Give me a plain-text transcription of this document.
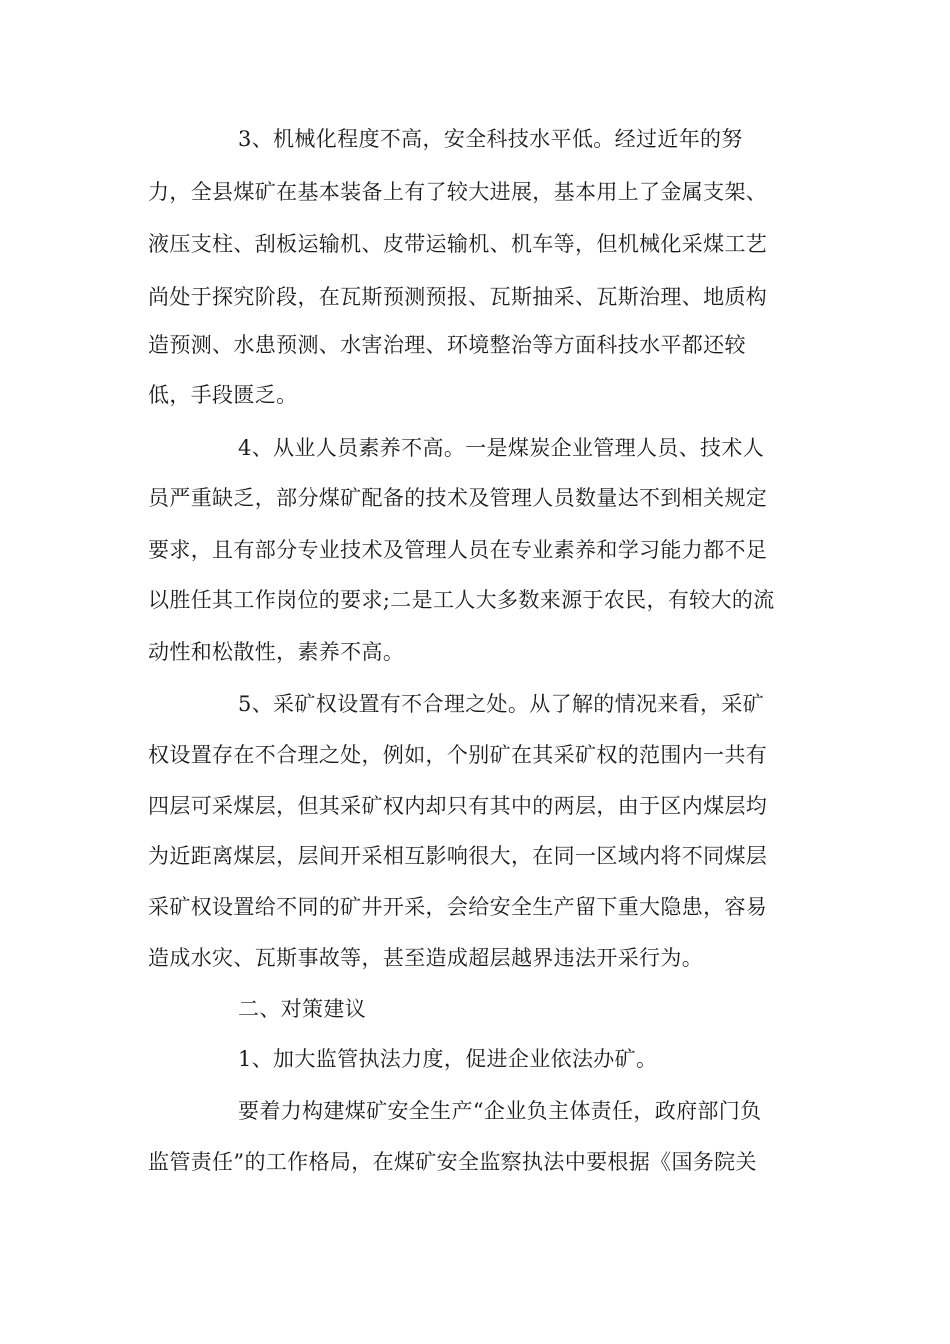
3、机械化程度不高，安全科技水平低。经过近年的努
力，全县煤矿在基本装备上有了较大进展，基本用上了金属支架、
液压支柱、刮板运输机、皮带运输机、机车等，但机械化采煤工艺
尚处于探究阶段，在瓦斯预测预报、瓦斯抽采、瓦斯治理、地质构
造预测、水患预测、水害治理、环境整治等方面科技水平都还较
低，手段匮乏。
4、从业人员素养不高。一是煤炭企业管理人员、技术人
员严重缺乏，部分煤矿配备的技术及管理人员数量达不到相关规定
要求，且有部分专业技术及管理人员在专业素养和学习能力都不足
以胜任其工作岗位的要求;二是工人大多数来源于农民，有较大的流
动性和松散性，素养不高。
5、采矿权设置有不合理之处。从了解的情况来看，采矿
权设置存在不合理之处，例如，个别矿在其采矿权的范围内一共有
四层可采煤层，但其采矿权内却只有其中的两层，由于区内煤层均
为近距离煤层，层间开采相互影响很大，在同一区域内将不同煤层
采矿权设置给不同的矿井开采，会给安全生产留下重大隐患，容易
造成水灾、瓦斯事故等，甚至造成超层越界违法开采行为。
二、对策建议
1、加大监管执法力度，促进企业依法办矿。
要着力构建煤矿安全生产“企业负主体责任，政府部门负
监管责任”的工作格局，在煤矿安全监察执法中要根据《国务院关
